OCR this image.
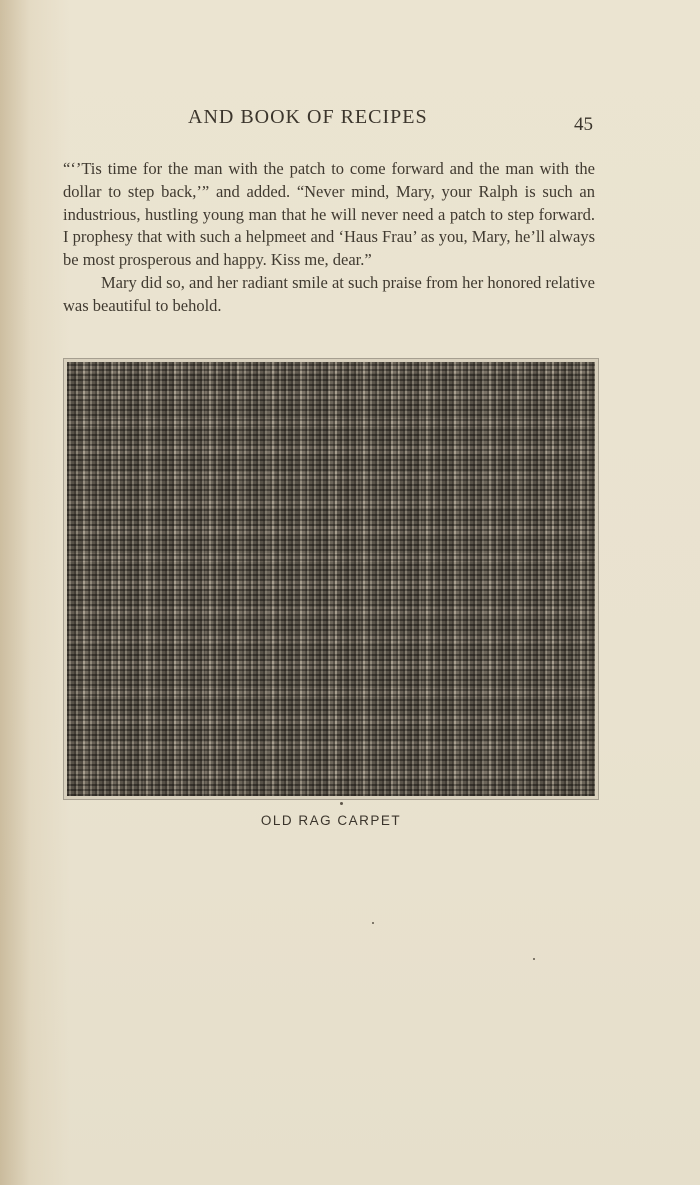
AND BOOK OF RECIPES	45

“‘’Tis time for the man with the patch to come forward and the man with the dollar to step back,’” and added. “Never mind, Mary, your Ralph is such an industrious, hustling young man that he will never need a patch to step forward. I prophesy that with such a helpmeet and ‘Haus Frau’ as you, Mary, he’ll always be most prosperous and happy. Kiss me, dear.”

Mary did so, and her radiant smile at such praise from her honored relative was beautiful to behold.

OLD RAG CARPET
